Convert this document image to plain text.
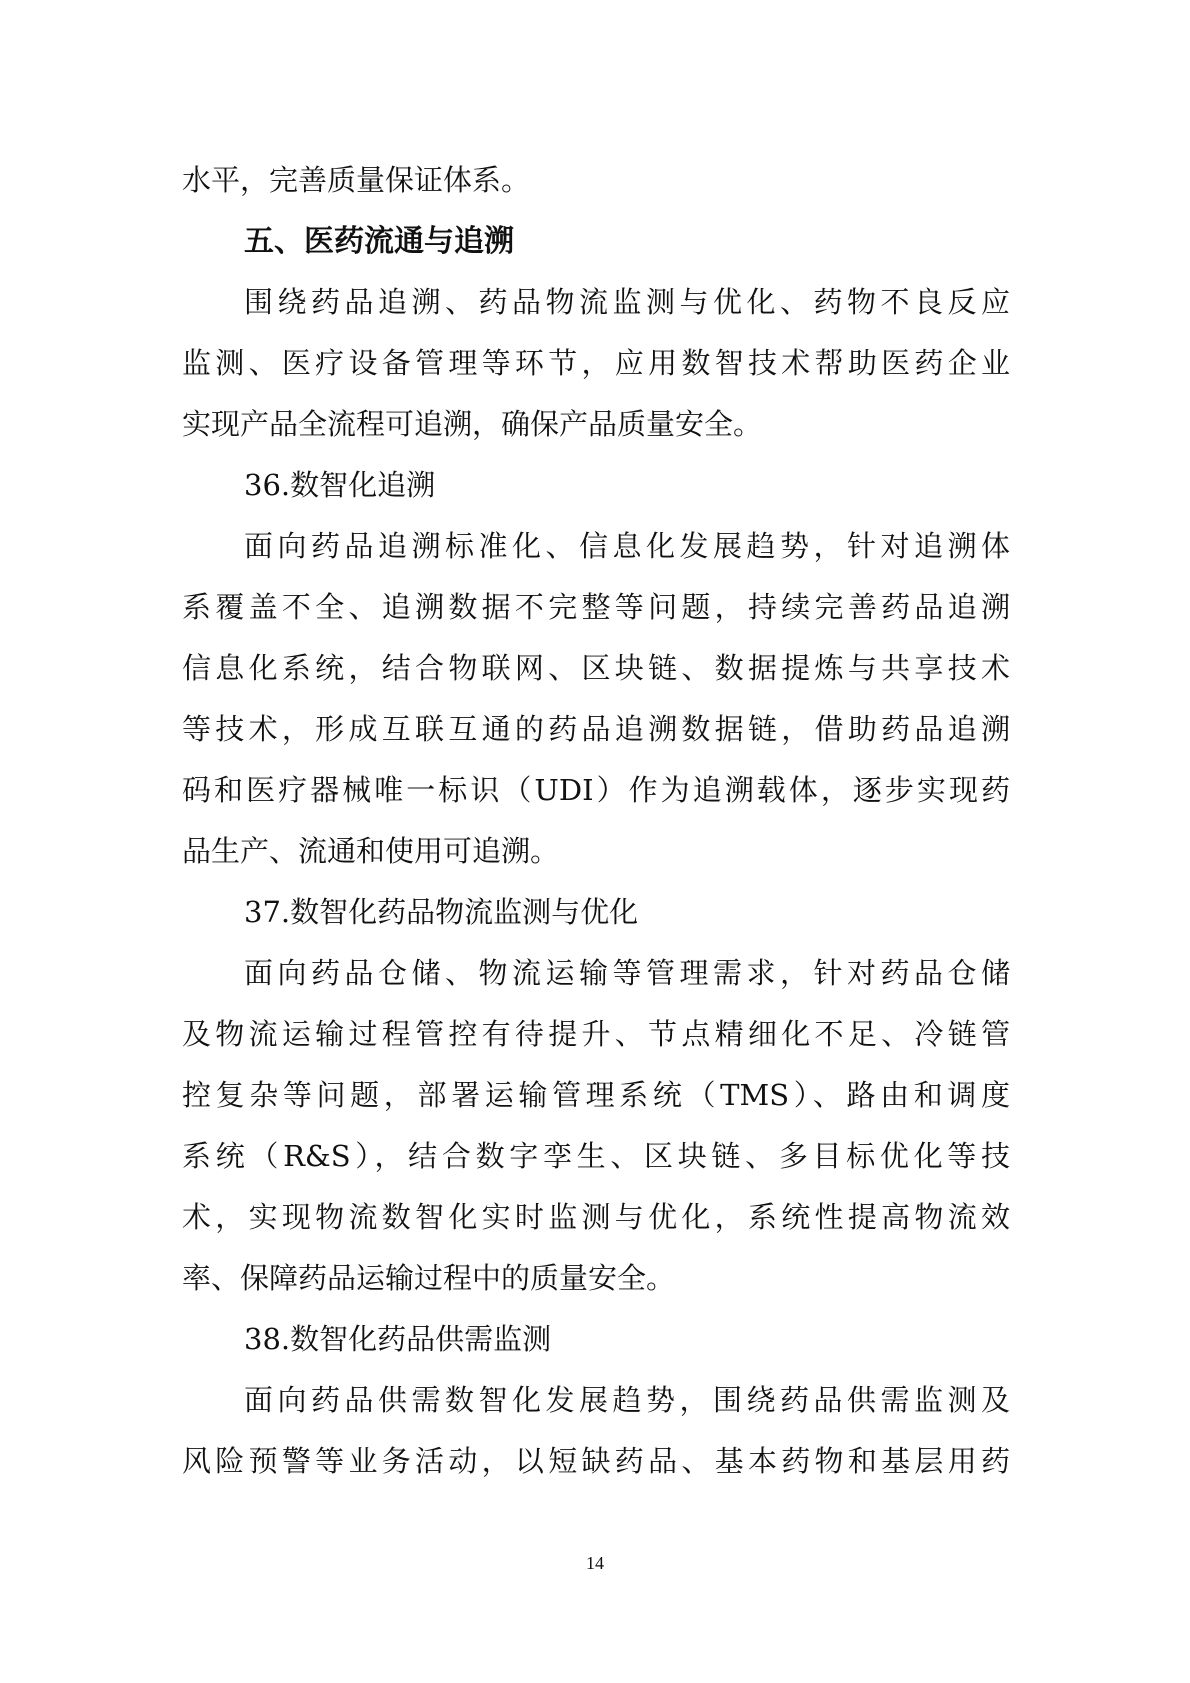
水平，完善质量保证体系。
五、医药流通与追溯
围绕药品追溯、药品物流监测与优化、药物不良反应
监测、医疗设备管理等环节，应用数智技术帮助医药企业
实现产品全流程可追溯，确保产品质量安全。
36.数智化追溯
面向药品追溯标准化、信息化发展趋势，针对追溯体
系覆盖不全、追溯数据不完整等问题，持续完善药品追溯
信息化系统，结合物联网、区块链、数据提炼与共享技术
等技术，形成互联互通的药品追溯数据链，借助药品追溯
码和医疗器械唯一标识（UDI）作为追溯载体，逐步实现药
品生产、流通和使用可追溯。
37.数智化药品物流监测与优化
面向药品仓储、物流运输等管理需求，针对药品仓储
及物流运输过程管控有待提升、节点精细化不足、冷链管
控复杂等问题，部署运输管理系统（TMS）、路由和调度
系统（R&S），结合数字孪生、区块链、多目标优化等技
术，实现物流数智化实时监测与优化，系统性提高物流效
率、保障药品运输过程中的质量安全。
38.数智化药品供需监测
面向药品供需数智化发展趋势，围绕药品供需监测及
风险预警等业务活动，以短缺药品、基本药物和基层用药
14
